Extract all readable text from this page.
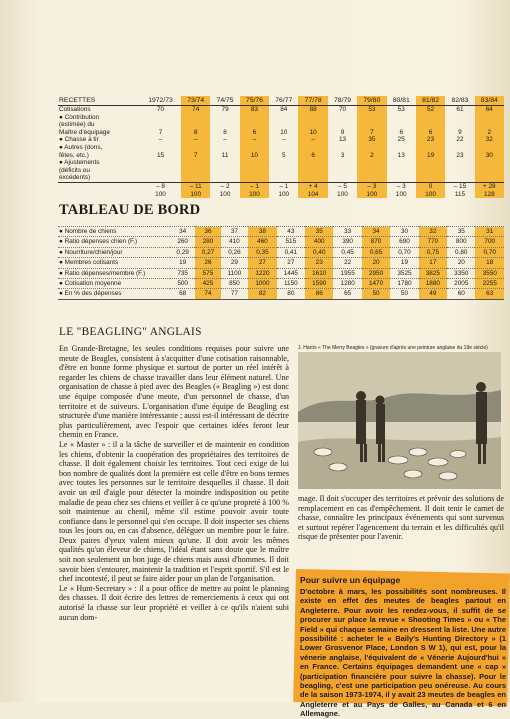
RECETTES	1972/73	73/74	74/75	75/76	76/77	77/78	78/79	79/80	80/81	81/82	82/83	83/84
Cotisations	70	74	79	83	84	88	70	53	53	52	61	64
● Contribution												
(estimée) du												
Maître d'équipage	7	8	8	6	10	10	9	7	6	6	9	2
● Chasse à tir	–	–	–	–	–	–	13	35	25	23	22	32
● Autres (dons,												
fêtes, etc.)	15	7	11	10	5	6	3	2	13	19	23	30
● Ajustements												
(déficits ou												
excédents)												
	– 8	– 11	– 2	– 1	– 1	+ 4	– 5	– 3	– 3	0	– 15	+ 28
	100	100	100	100	100	104	100	100	100	100	115	128
TABLEAU DE BORD
● Nombre de chiens	34	36	37	38	43	35	33	34	30	32	35	31
● Ratio dépenses chien (F.)	260	280	410	460	515	400	390	870	690	770	800	700
● Nourriture/chien/jour	0,29	0,27	0,26	0,35	0,41	0,40	0,45	0,65	0,70	0,75	0,80	0,70
● Membres cotisants	19	26	29	27	27	23	22	20	19	17	20	18
● Ratio dépenses/membre (F.)	735	575	1100	1220	1445	1610	1955	2950	3525	3825	3350	3550
● Cotisation moyenne	500	425	850	1000	1150	1590	1280	1470	1780	1880	2005	2255
● En % des dépenses	68	74	77	82	80	86	65	50	50	49	60	63
LE "BEAGLING" ANGLAIS

En Grande-Bretagne, les seules conditions requises pour suivre une meute de Beagles, consistent à s'acquitter d'une cotisation raisonnable, d'être en bonne forme physique et surtout de porter un réel intérêt à regarder les chiens de chasse travailler dans leur élément naturel. Une organisation de chasse à pied avec des Beagles (« Beagling ») est donc une équipe composée d'une meute, d'un personnel de chasse, d'un territoire et de suiveurs. L'organisation d'une équipe de Beagling est structurée d'une manière intéressante ; aussi est-il intéressant de décrire plus particulièrement, avec l'espoir que certaines idées feront leur chemin en France.

Le « Master » : il a la tâche de surveiller et de maintenir en condition les chiens, d'obtenir la coopération des propriétaires des territoires de chasse. Il doit également choisir les territoires. Tout ceci exige de lui bon nombre de qualités dont la première est celle d'être en bons termes avec toutes les personnes sur le territoire desquelles il chasse. Il doit avoir un œil d'aigle pour détecter la moindre indisposition ou petite maladie de peau chez ses chiens et veiller à ce qu'une propreté à 100 % soit maintenue au chenil, même s'il estime pouvoir avoir toute confiance dans le personnel qui s'en occupe. Il doit inspecter ses chiens tous les jours ou, en cas d'absence, déléguer un membre pour le faire. Deux paires d'yeux valent mieux qu'une. Il doit avoir les mêmes qualités qu'un éleveur de chiens, l'idéal étant sans doute que le maître soit non seulement un bon juge de chiens mais aussi d'hommes. Il doit savoir bien s'entourer, maintenir la tradition et l'esprit sportif. S'il est le chef incontesté, il peut se faire aider pour un plan de l'organisation.

Le « Hunt-Secretary » : il a pour office de mettre au point le planning des chasses. Il doit écrire des lettres de remerciements à ceux qui ont autorisé la chasse sur leur propriété et veiller à ce qu'ils n'aient subi aucun dom-

J. Harris « The Merry Beagles » (gravure d'après une peinture anglaise du 19e siècle)

mage. Il doit s'occuper des territoires et prévoir des solutions de remplacement en cas d'empêchement. Il doit tenir le carnet de chasse, connaître les principaux événements qui sont survenus et surtout repérer l'agencement du terrain et les difficultés qu'il risque de présenter pour l'avenir.

Pour suivre un équipage

D'octobre à mars, les possibilités sont nombreuses. Il existe en effet des meutes de beagles partout en Angleterre. Pour avoir les rendez-vous, il suffit de se procurer sur place la revue « Shooting Times » ou « The Field » qui chaque semaine en dressent la liste. Une autre possibilité : acheter le « Baily's Hunting Directory » (1 Lower Grosvenor Place, London S W 1), qui est, pour la vénerie anglaise, l'équivalent de « Vénerie Aujourd'hui » en France. Certains équipages demandent une « cap » (participation financière pour suivre la chasse). Pour le beagling, c'est une participation peu onéreuse. Au cours de la saison 1973-1974, il y avait 23 meutes de beagles en Angleterre et au Pays de Galles, au Canada et 6 en Allemagne.
